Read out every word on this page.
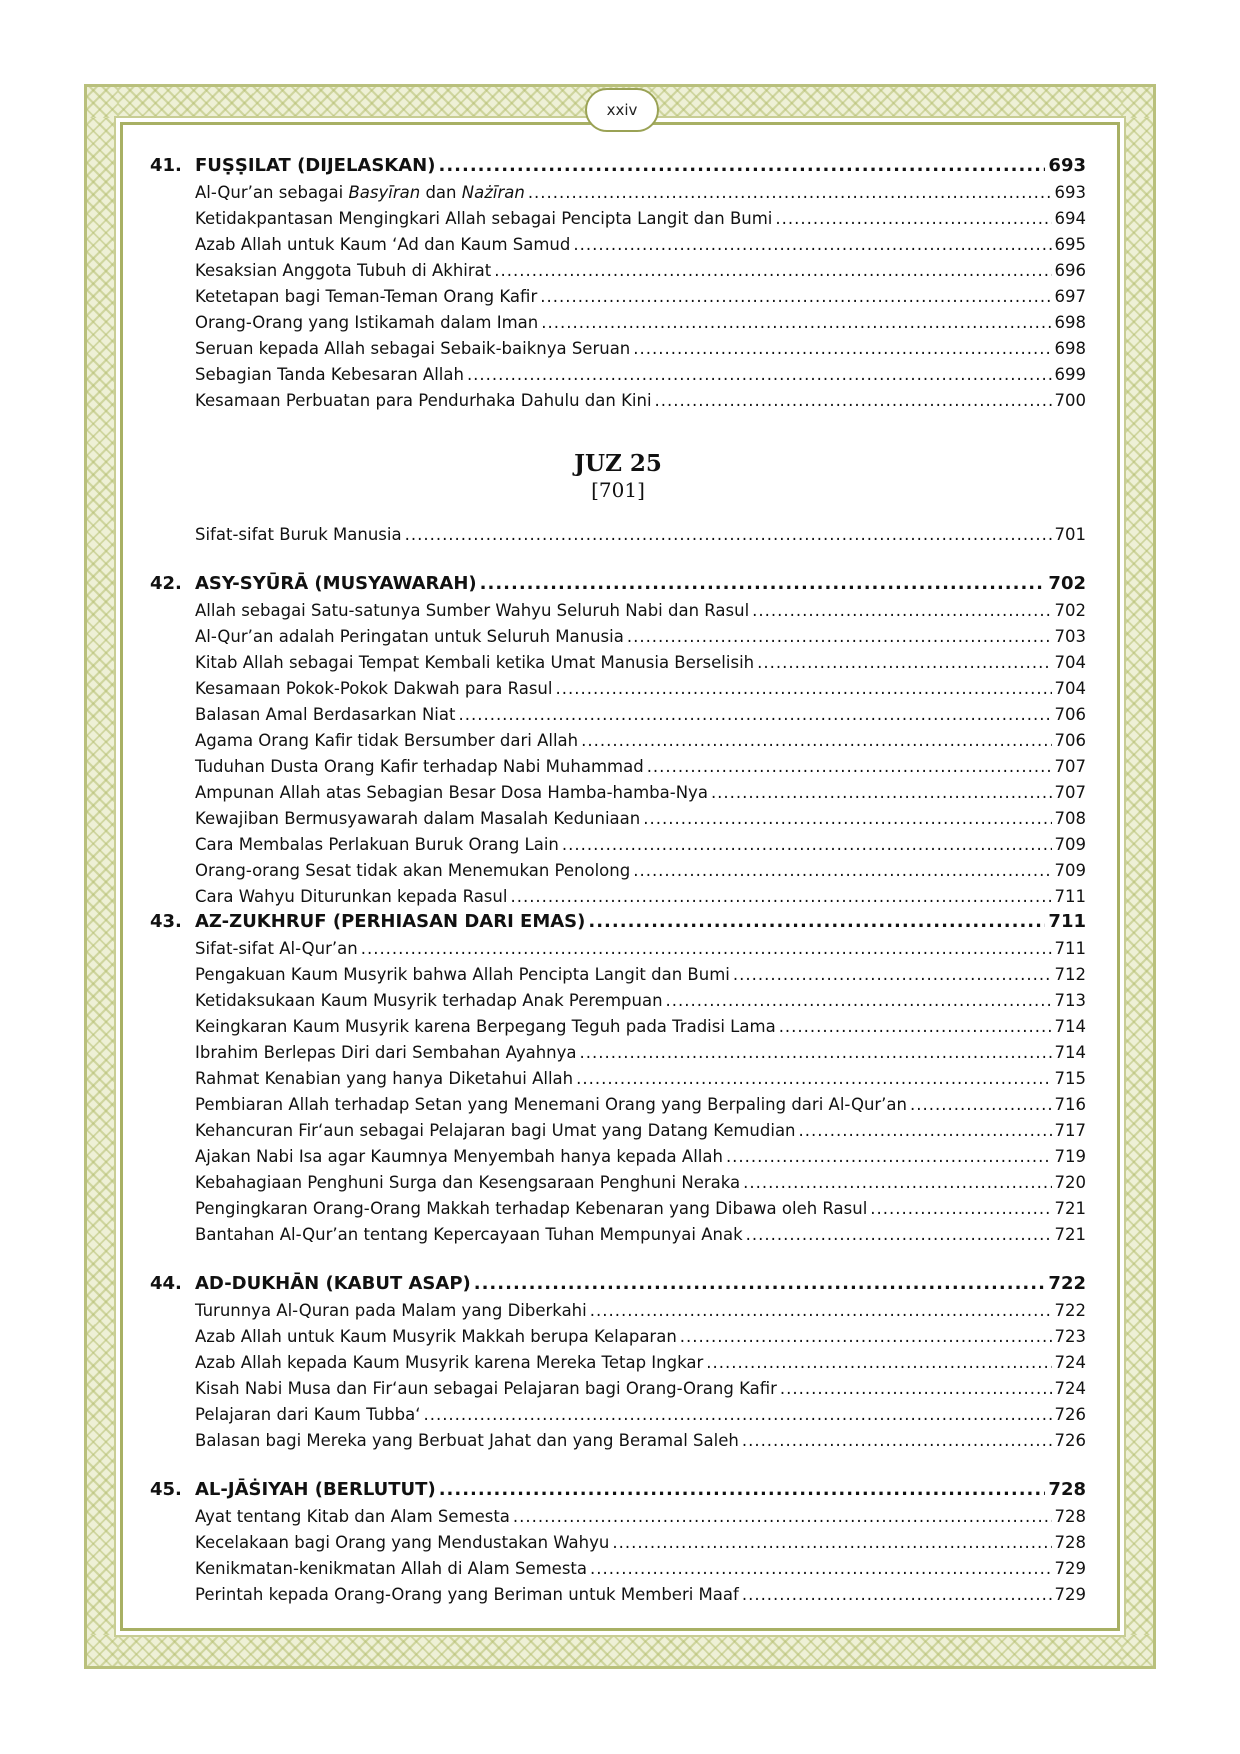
xxiv
41. FUṢṢILAT (DIJELASKAN) .....	693
Al-Qur’an sebagai Basyīran dan Nażīran .....	693
Ketidakpantasan Mengingkari Allah sebagai Pencipta Langit dan Bumi .....	694
Azab Allah untuk Kaum ‘Ad dan Kaum Samud .....	695
Kesaksian Anggota Tubuh di Akhirat .....	696
Ketetapan bagi Teman-Teman Orang Kafir .....	697
Orang-Orang yang Istikamah dalam Iman .....	698
Seruan kepada Allah sebagai Sebaik-baiknya Seruan .....	698
Sebagian Tanda Kebesaran Allah .....	699
Kesamaan Perbuatan para Pendurhaka Dahulu dan Kini .....	700
JUZ 25
[701]
Sifat-sifat Buruk Manusia .....	701
42. ASY-SYŪRĀ (MUSYAWARAH) .....	702
Allah sebagai Satu-satunya Sumber Wahyu Seluruh Nabi dan Rasul .....	702
Al-Qur’an adalah Peringatan untuk Seluruh Manusia .....	703
Kitab Allah sebagai Tempat Kembali ketika Umat Manusia Berselisih .....	704
Kesamaan Pokok-Pokok Dakwah para Rasul .....	704
Balasan Amal Berdasarkan Niat .....	706
Agama Orang Kafir tidak Bersumber dari Allah .....	706
Tuduhan Dusta Orang Kafir terhadap Nabi Muhammad .....	707
Ampunan Allah atas Sebagian Besar Dosa Hamba-hamba-Nya .....	707
Kewajiban Bermusyawarah dalam Masalah Keduniaan .....	708
Cara Membalas Perlakuan Buruk Orang Lain .....	709
Orang-orang Sesat tidak akan Menemukan Penolong .....	709
Cara Wahyu Diturunkan kepada Rasul .....	711
43. AZ-ZUKHRUF (PERHIASAN DARI EMAS) .....	711
Sifat-sifat Al-Qur’an .....	711
Pengakuan Kaum Musyrik bahwa Allah Pencipta Langit dan Bumi .....	712
Ketidaksukaan Kaum Musyrik terhadap Anak Perempuan .....	713
Keingkaran Kaum Musyrik karena Berpegang Teguh pada Tradisi Lama .....	714
Ibrahim Berlepas Diri dari Sembahan Ayahnya .....	714
Rahmat Kenabian yang hanya Diketahui Allah .....	715
Pembiaran Allah terhadap Setan yang Menemani Orang yang Berpaling dari Al-Qur’an .....	716
Kehancuran Fir‘aun sebagai Pelajaran bagi Umat yang Datang Kemudian .....	717
Ajakan Nabi Isa agar Kaumnya Menyembah hanya kepada Allah .....	719
Kebahagiaan Penghuni Surga dan Kesengsaraan Penghuni Neraka .....	720
Pengingkaran Orang-Orang Makkah terhadap Kebenaran yang Dibawa oleh Rasul .....	721
Bantahan Al-Qur’an tentang Kepercayaan Tuhan Mempunyai Anak .....	721
44. AD-DUKHĀN (KABUT ASAP) .....	722
Turunnya Al-Quran pada Malam yang Diberkahi .....	722
Azab Allah untuk Kaum Musyrik Makkah berupa Kelaparan .....	723
Azab Allah kepada Kaum Musyrik karena Mereka Tetap Ingkar .....	724
Kisah Nabi Musa dan Fir‘aun sebagai Pelajaran bagi Orang-Orang Kafir .....	724
Pelajaran dari Kaum Tubba‘ .....	726
Balasan bagi Mereka yang Berbuat Jahat dan yang Beramal Saleh .....	726
45. AL-JĀṠIYAH (BERLUTUT) .....	728
Ayat tentang Kitab dan Alam Semesta .....	728
Kecelakaan bagi Orang yang Mendustakan Wahyu .....	728
Kenikmatan-kenikmatan Allah di Alam Semesta .....	729
Perintah kepada Orang-Orang yang Beriman untuk Memberi Maaf .....	729
